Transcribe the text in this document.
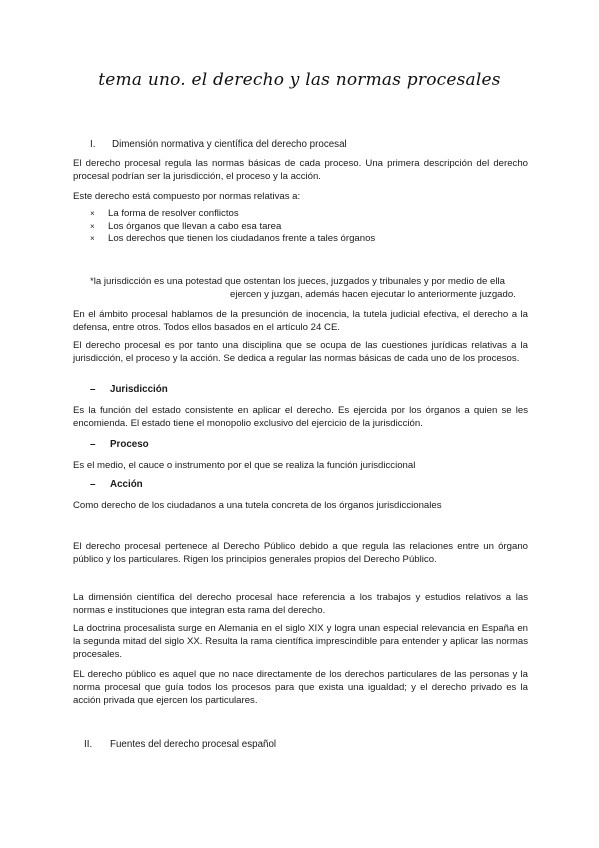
tema uno. el derecho y las normas procesales
I. Dimensión normativa y científica del derecho procesal

El derecho procesal regula las normas básicas de cada proceso. Una primera descripción del derecho procesal podrían ser la jurisdicción, el proceso y la acción.

Este derecho está compuesto por normas relativas a:

× La forma de resolver conflictos
× Los órganos que llevan a cabo esa tarea
× Los derechos que tienen los ciudadanos frente a tales órganos
*la jurisdicción es una potestad que ostentan los jueces, juzgados y tribunales y por medio de ella
ejercen y juzgan, además hacen ejecutar lo anteriormente juzgado.

En el ámbito procesal hablamos de la presunción de inocencia, la tutela judicial efectiva, el derecho a la defensa, entre otros. Todos ellos basados en el artículo 24 CE.

El derecho procesal es por tanto una disciplina que se ocupa de las cuestiones jurídicas relativas a la jurisdicción, el proceso y la acción. Se dedica a regular las normas básicas de cada uno de los procesos.

– Jurisdicción

Es la función del estado consistente en aplicar el derecho. Es ejercida por los órganos a quien se les encomienda. El estado tiene el monopolio exclusivo del ejercicio de la jurisdicción.

– Proceso

Es el medio, el cauce o instrumento por el que se realiza la función jurisdiccional

– Acción

Como derecho de los ciudadanos a una tutela concreta de los órganos jurisdiccionales

El derecho procesal pertenece al Derecho Público debido a que regula las relaciones entre un órgano público y los particulares. Rigen los principios generales propios del Derecho Público.

La dimensión científica del derecho procesal hace referencia a los trabajos y estudios relativos a las normas e instituciones que integran esta rama del derecho.

La doctrina procesalista surge en Alemania en el siglo XIX y logra unan especial relevancia en España en la segunda mitad del siglo XX. Resulta la rama científica imprescindible para entender y aplicar las normas procesales.

EL derecho público es aquel que no nace directamente de los derechos particulares de las personas y la norma procesal que guía todos los procesos para que exista una igualdad; y el derecho privado es la acción privada que ejercen los particulares.

II. Fuentes del derecho procesal español
